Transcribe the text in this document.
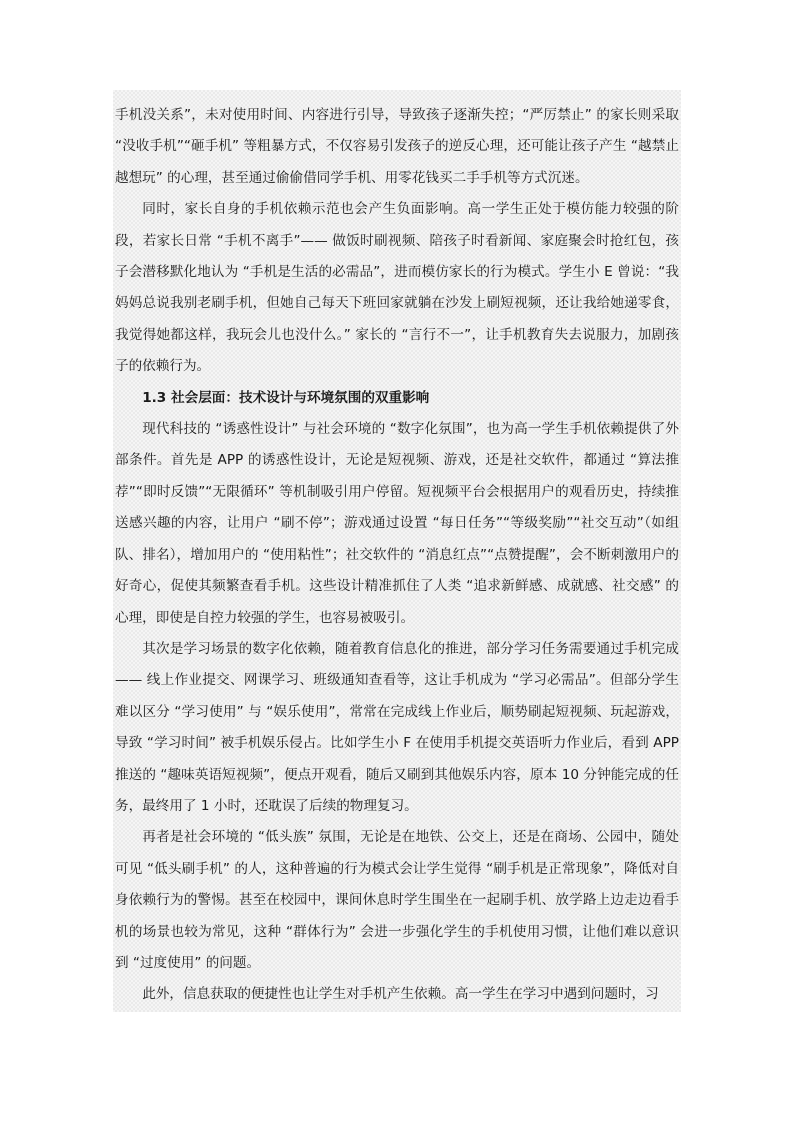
手机没关系”，未对使用时间、内容进行引导，导致孩子逐渐失控；“严厉禁止” 的家长则采取 “没收手机”“砸手机” 等粗暴方式，不仅容易引发孩子的逆反心理，还可能让孩子产生 “越禁止越想玩” 的心理，甚至通过偷偷借同学手机、用零花钱买二手手机等方式沉迷。

同时，家长自身的手机依赖示范也会产生负面影响。高一学生正处于模仿能力较强的阶段，若家长日常 “手机不离手”—— 做饭时刷视频、陪孩子时看新闻、家庭聚会时抢红包，孩子会潜移默化地认为 “手机是生活的必需品”，进而模仿家长的行为模式。学生小 E 曾说：“我妈妈总说我别老刷手机，但她自己每天下班回家就躺在沙发上刷短视频，还让我给她递零食，我觉得她都这样，我玩会儿也没什么。” 家长的 “言行不一”，让手机教育失去说服力，加剧孩子的依赖行为。

1.3 社会层面：技术设计与环境氛围的双重影响

现代科技的 “诱惑性设计” 与社会环境的 “数字化氛围”，也为高一学生手机依赖提供了外部条件。首先是 APP 的诱惑性设计，无论是短视频、游戏，还是社交软件，都通过 “算法推荐”“即时反馈”“无限循环” 等机制吸引用户停留。短视频平台会根据用户的观看历史，持续推送感兴趣的内容，让用户 “刷不停”；游戏通过设置 “每日任务”“等级奖励”“社交互动”（如组队、排名），增加用户的 “使用粘性”；社交软件的 “消息红点”“点赞提醒”，会不断刺激用户的好奇心，促使其频繁查看手机。这些设计精准抓住了人类 “追求新鲜感、成就感、社交感” 的心理，即使是自控力较强的学生，也容易被吸引。

其次是学习场景的数字化依赖，随着教育信息化的推进，部分学习任务需要通过手机完成 —— 线上作业提交、网课学习、班级通知查看等，这让手机成为 “学习必需品”。但部分学生难以区分 “学习使用” 与 “娱乐使用”，常常在完成线上作业后，顺势刷起短视频、玩起游戏，导致 “学习时间” 被手机娱乐侵占。比如学生小 F 在使用手机提交英语听力作业后，看到 APP 推送的 “趣味英语短视频”，便点开观看，随后又刷到其他娱乐内容，原本 10 分钟能完成的任务，最终用了 1 小时，还耽误了后续的物理复习。

再者是社会环境的 “低头族” 氛围，无论是在地铁、公交上，还是在商场、公园中，随处可见 “低头刷手机” 的人，这种普遍的行为模式会让学生觉得 “刷手机是正常现象”，降低对自身依赖行为的警惕。甚至在校园中，课间休息时学生围坐在一起刷手机、放学路上边走边看手机的场景也较为常见，这种 “群体行为” 会进一步强化学生的手机使用习惯，让他们难以意识到 “过度使用” 的问题。

此外，信息获取的便捷性也让学生对手机产生依赖。高一学生在学习中遇到问题时，习
